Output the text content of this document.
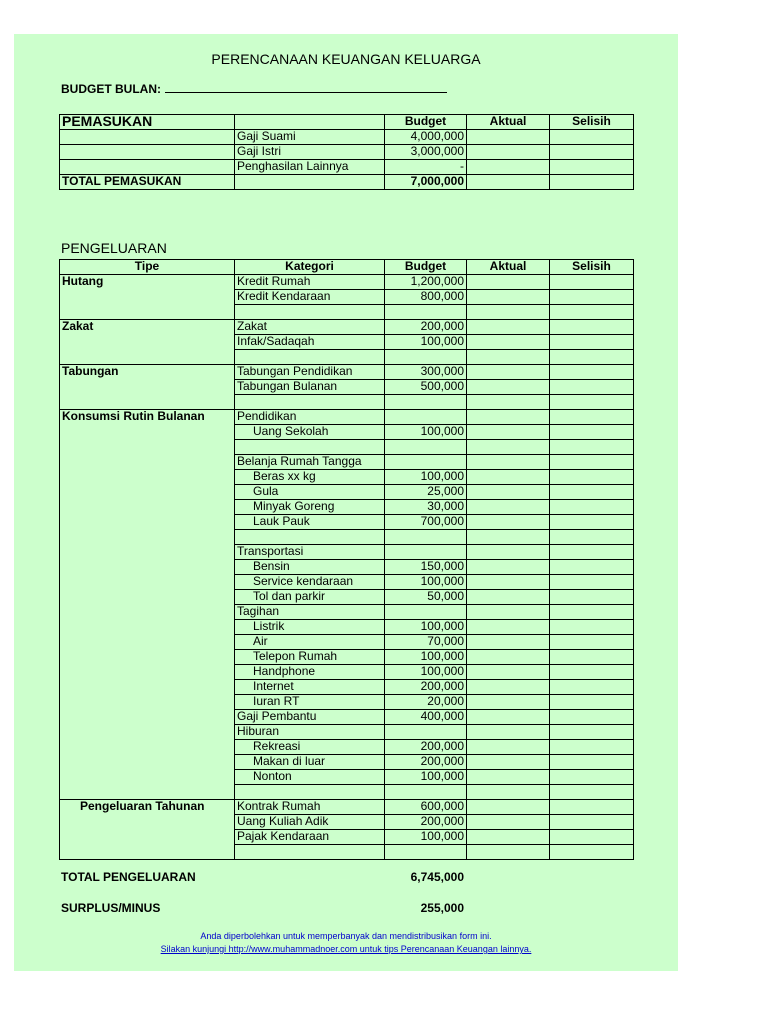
PERENCANAAN KEUANGAN KELUARGA
BUDGET BULAN:
PEMASUKAN		Budget	Aktual	Selisih
	Gaji Suami	4,000,000		
	Gaji Istri	3,000,000		
	Penghasilan Lainnya	-		
TOTAL PEMASUKAN		7,000,000		
PENGELUARAN
Tipe	Kategori	Budget	Aktual	Selisih
Hutang	Kredit Rumah	1,200,000		
	Kredit Kendaraan	800,000		

Zakat	Zakat	200,000		
	Infak/Sadaqah	100,000		

Tabungan	Tabungan Pendidikan	300,000		
	Tabungan Bulanan	500,000		

Konsumsi Rutin Bulanan	Pendidikan			
	Uang Sekolah	100,000		

	Belanja Rumah Tangga			
	Beras xx kg	100,000		
	Gula	25,000		
	Minyak Goreng	30,000		
	Lauk Pauk	700,000		

	Transportasi			
	Bensin	150,000		
	Service kendaraan	100,000		
	Tol dan parkir	50,000		
	Tagihan			
	Listrik	100,000		
	Air	70,000		
	Telepon Rumah	100,000		
	Handphone	100,000		
	Internet	200,000		
	Iuran RT	20,000		
	Gaji Pembantu	400,000		
	Hiburan			
	Rekreasi	200,000		
	Makan di luar	200,000		
	Nonton	100,000		

Pengeluaran Tahunan	Kontrak Rumah	600,000		
	Uang Kuliah Adik	200,000		
	Pajak Kendaraan	100,000		

TOTAL PENGELUARAN	6,745,000
SURPLUS/MINUS	255,000
Anda diperbolehkan untuk memperbanyak dan mendistribusikan form ini.
Silakan kunjungi http://www.muhammadnoer.com untuk tips Perencanaan Keuangan lainnya.
